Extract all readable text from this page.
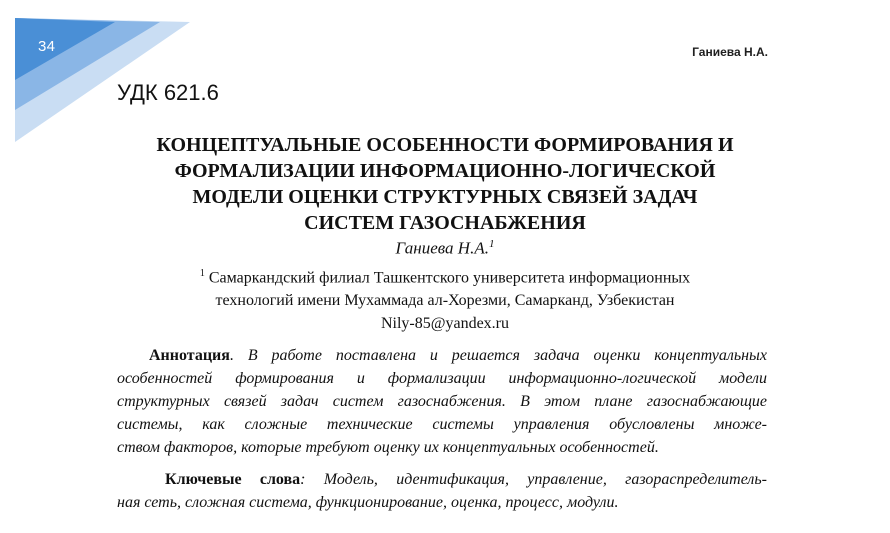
34	Ганиева Н.А.
УДК 621.6
КОНЦЕПТУАЛЬНЫЕ ОСОБЕННОСТИ ФОРМИРОВАНИЯ И
ФОРМАЛИЗАЦИИ ИНФОРМАЦИОННО-ЛОГИЧЕСКОЙ
МОДЕЛИ ОЦЕНКИ СТРУКТУРНЫХ СВЯЗЕЙ ЗАДАЧ
СИСТЕМ ГАЗОСНАБЖЕНИЯ
Ганиева Н.А.$^1$
$^1$ Самаркандский филиал Ташкентского университета информационных
технологий имени Мухаммада ал-Хорезми, Самарканд, Узбекистан
Nily-85@yandex.ru
  Аннотация. В работе поставлена и решается задача оценки концептуальных
особенностей формирования и формализации информационно-логической модели
структурных связей задач систем газоснабжения. В этом плане газоснабжающие
системы, как сложные технические системы управления обусловлены множе-
ством факторов, которые требуют оценку их концептуальных особенностей.
   Ключевые слова: Модель, идентификация, управление, газораспределитель-
ная сеть, сложная система, функционирование, оценка, процесс, модули.
